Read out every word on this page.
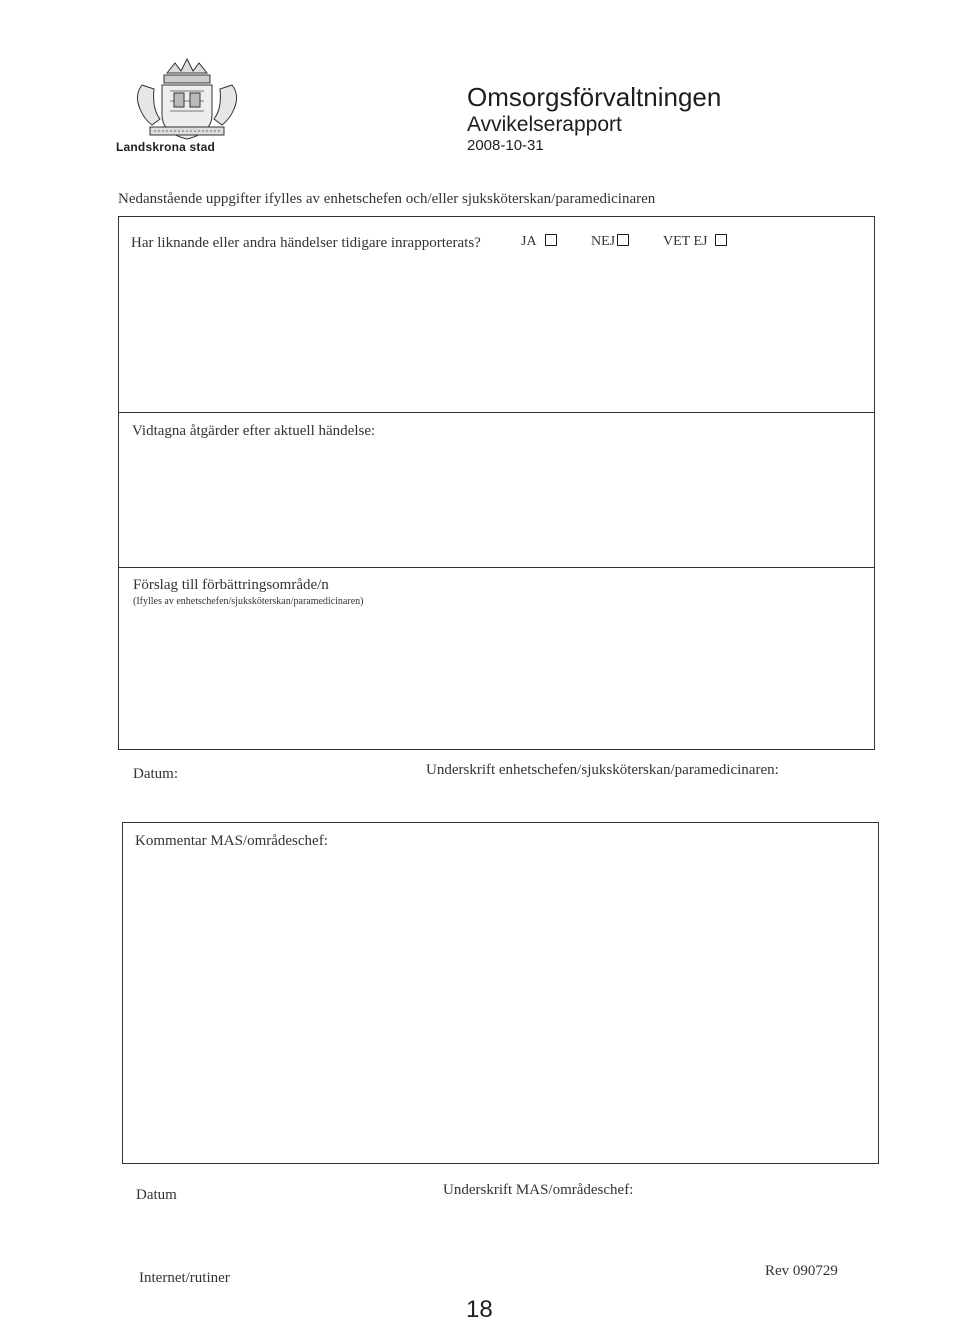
Landskrona stad
Omsorgsförvaltningen
Avvikelserapport
2008-10-31
Nedanstående uppgifter ifylles av enhetschefen och/eller sjuksköterskan/paramedicinaren
Har liknande eller andra händelser tidigare inrapporterats?	JA	NEJ	VET EJ
Vidtagna åtgärder efter aktuell händelse:
Förslag till förbättringsområde/n
(Ifylles av enhetschefen/sjuksköterskan/paramedicinaren)
Datum:	Underskrift enhetschefen/sjuksköterskan/paramedicinaren:
Kommentar MAS/områdeschef:
Datum	Underskrift MAS/områdeschef:
Internet/rutiner	Rev 090729
18
